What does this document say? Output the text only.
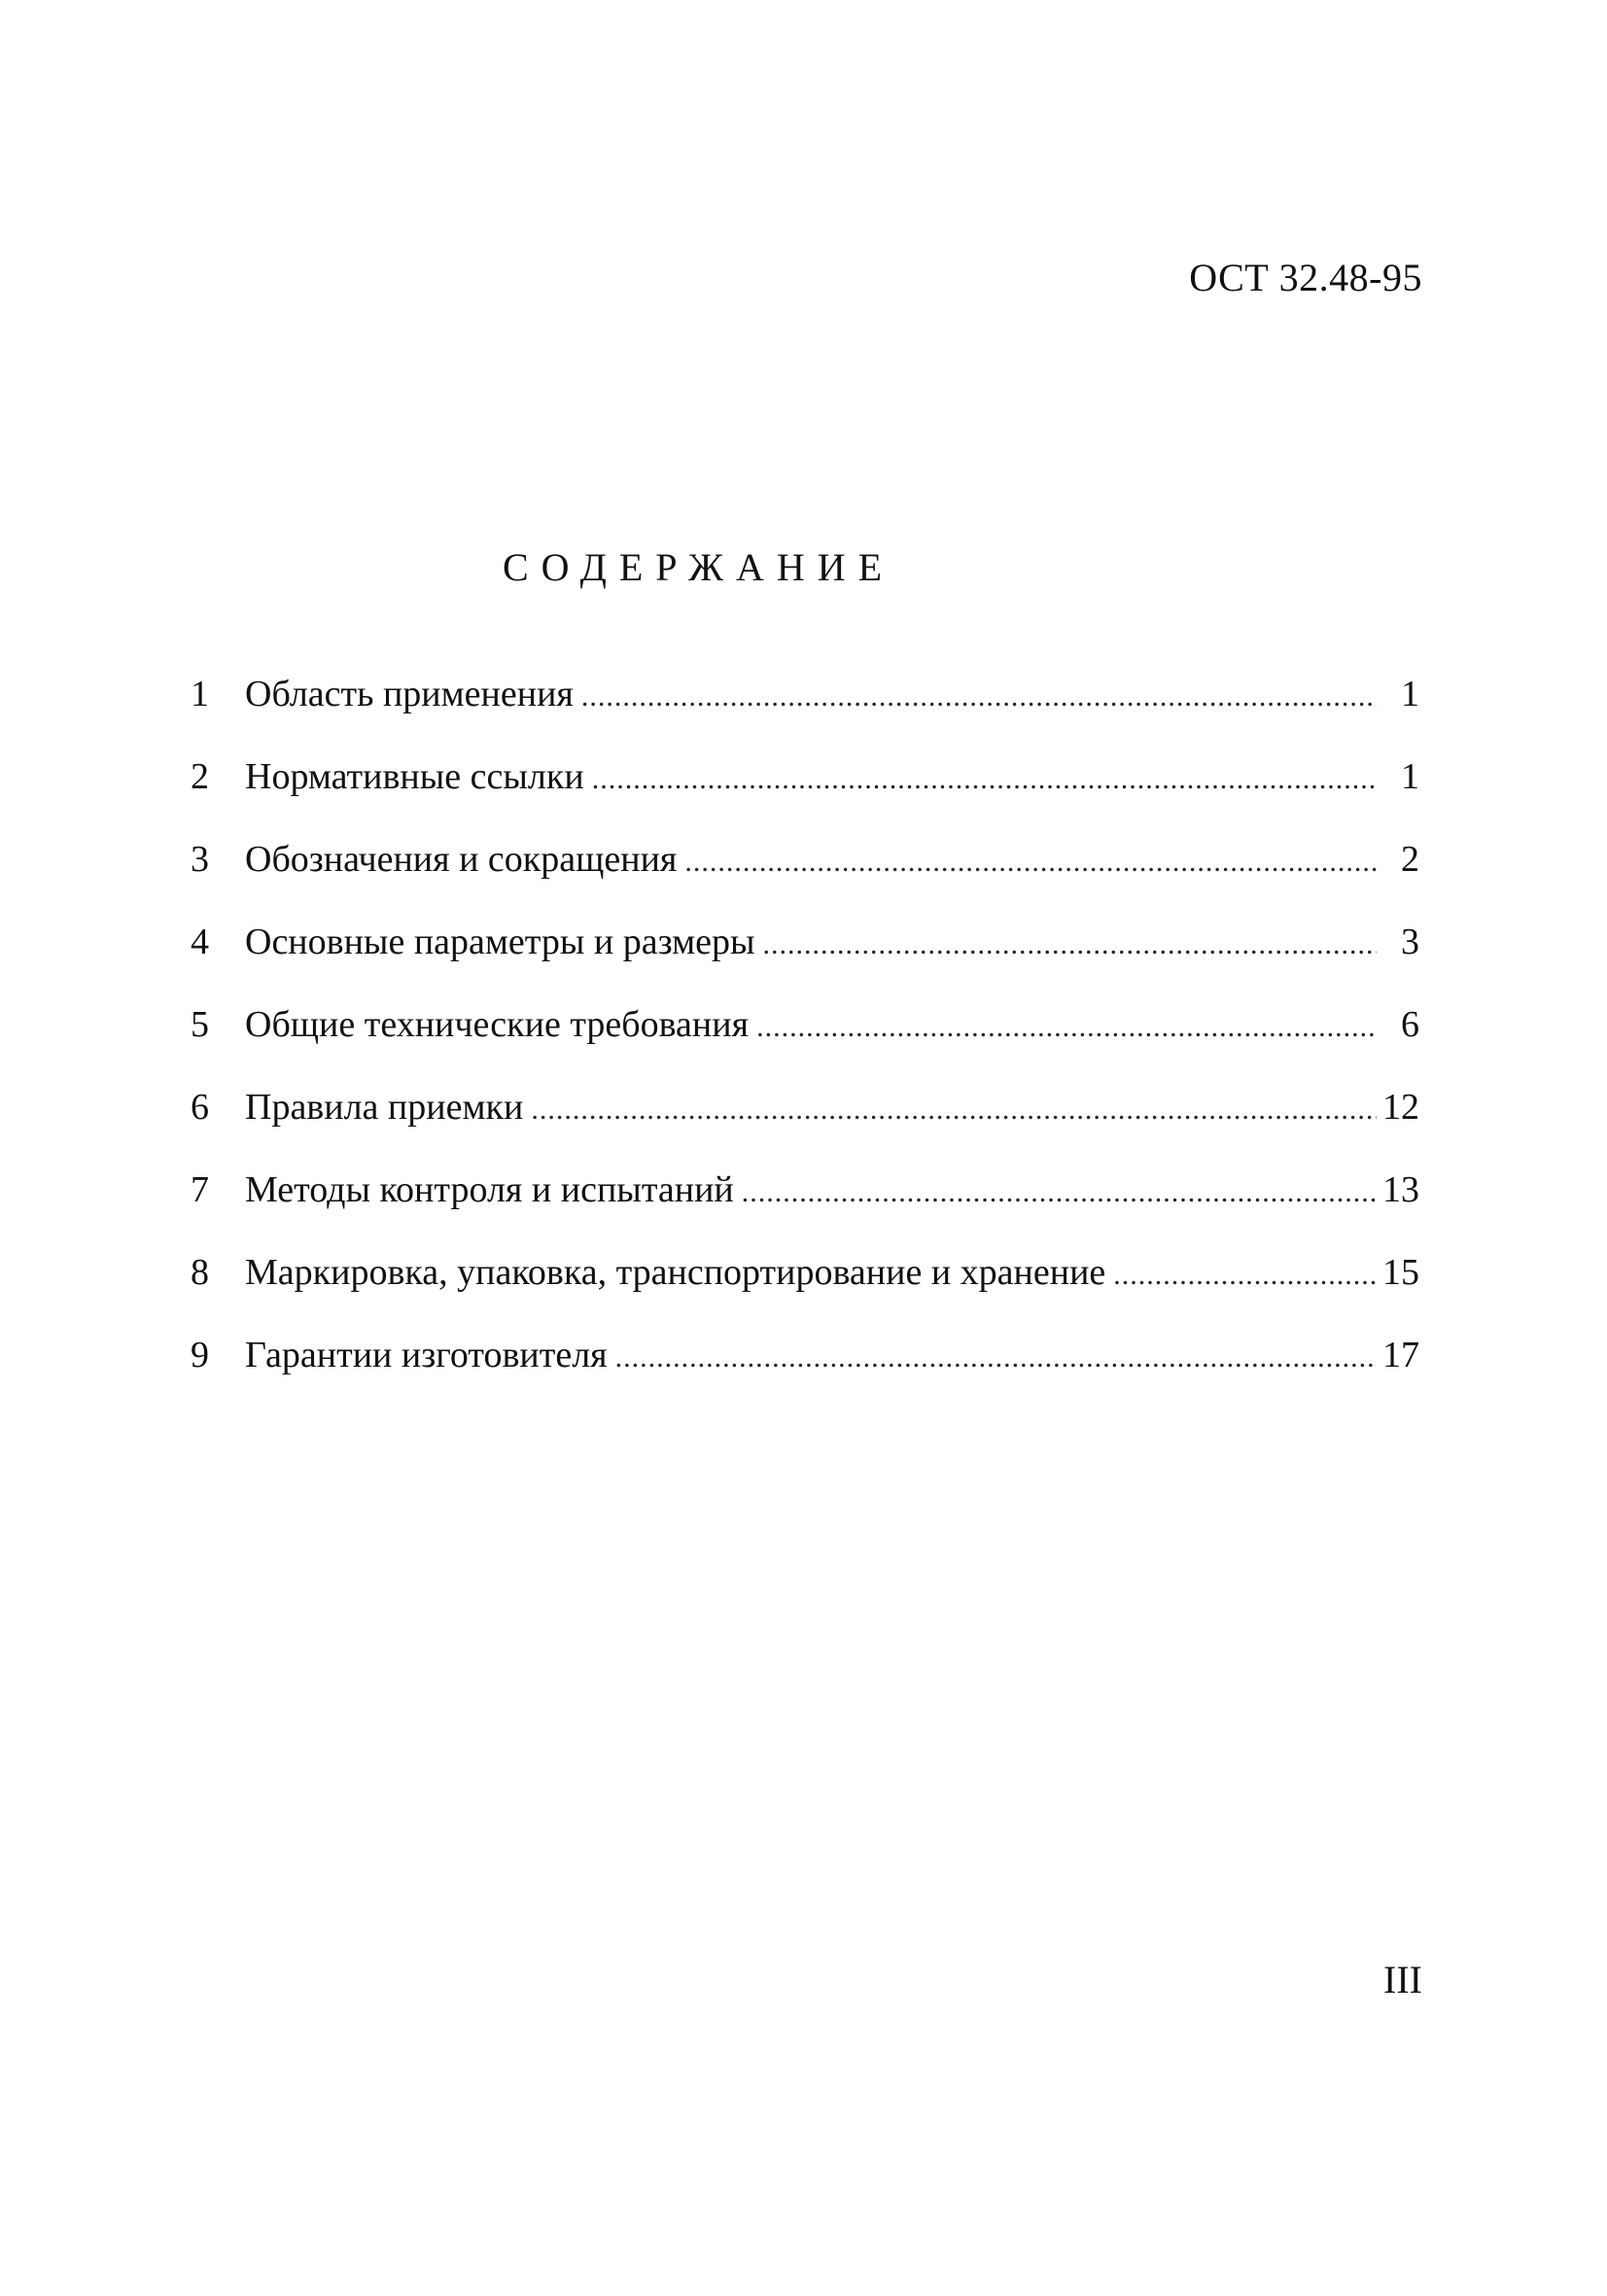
ОСТ 32.48-95
СОДЕРЖАНИЕ
1 Область применения .....	1
2 Нормативные ссылки .....	1
3 Обозначения и сокращения .....	2
4 Основные параметры и размеры .....	3
5 Общие технические требования .....	6
6 Правила приемки .....	12
7 Методы контроля и испытаний .....	13
8 Маркировка, упаковка, транспортирование и хранение .....	15
9 Гарантии изготовителя .....	17
III
